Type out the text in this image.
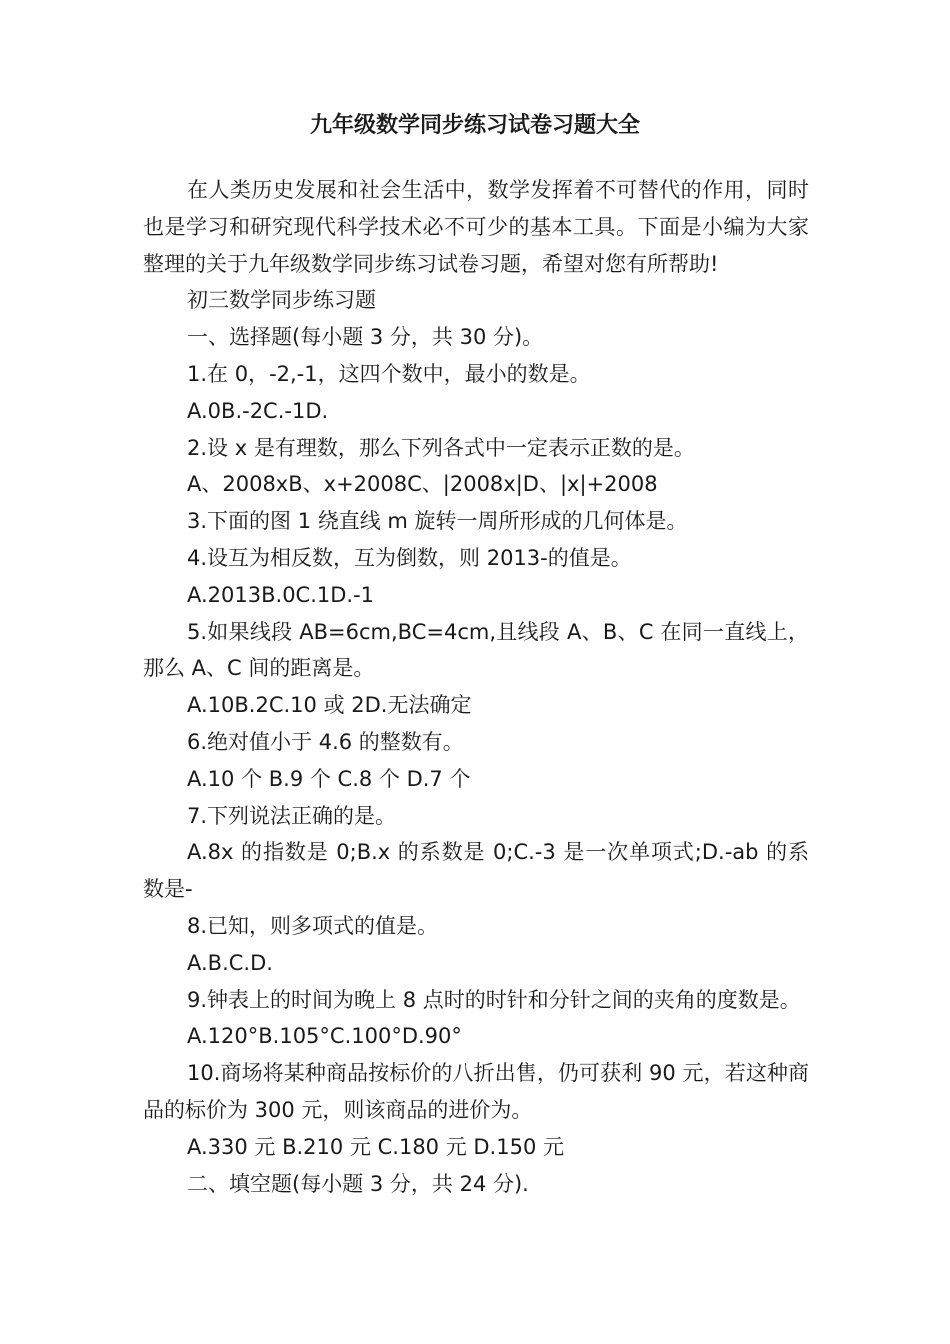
九年级数学同步练习试卷习题大全

在人类历史发展和社会生活中，数学发挥着不可替代的作用，同时也是学习和研究现代科学技术必不可少的基本工具。下面是小编为大家整理的关于九年级数学同步练习试卷习题，希望对您有所帮助!

初三数学同步练习题

一、选择题(每小题 3 分，共 30 分)。

1.在 0，-2,-1，这四个数中，最小的数是。

A.0B.-2C.-1D.

2.设 x 是有理数，那么下列各式中一定表示正数的是。

A、2008xB、x+2008C、|2008x|D、|x|+2008

3.下面的图 1 绕直线 m 旋转一周所形成的几何体是。

4.设互为相反数，互为倒数，则 2013-的值是。

A.2013B.0C.1D.-1

5.如果线段 AB=6cm,BC=4cm,且线段 A、B、C 在同一直线上，那么 A、C 间的距离是。

A.10B.2C.10 或 2D.无法确定

6.绝对值小于 4.6 的整数有。

A.10 个 B.9 个 C.8 个 D.7 个

7.下列说法正确的是。

A.8x 的指数是 0;B.x 的系数是 0;C.-3 是一次单项式;D.-ab 的系数是-

8.已知，则多项式的值是。

A.B.C.D.

9.钟表上的时间为晚上 8 点时的时针和分针之间的夹角的度数是。

A.120°B.105°C.100°D.90°

10.商场将某种商品按标价的八折出售，仍可获利 90 元，若这种商品的标价为 300 元，则该商品的进价为。

A.330 元 B.210 元 C.180 元 D.150 元

二、填空题(每小题 3 分，共 24 分).
